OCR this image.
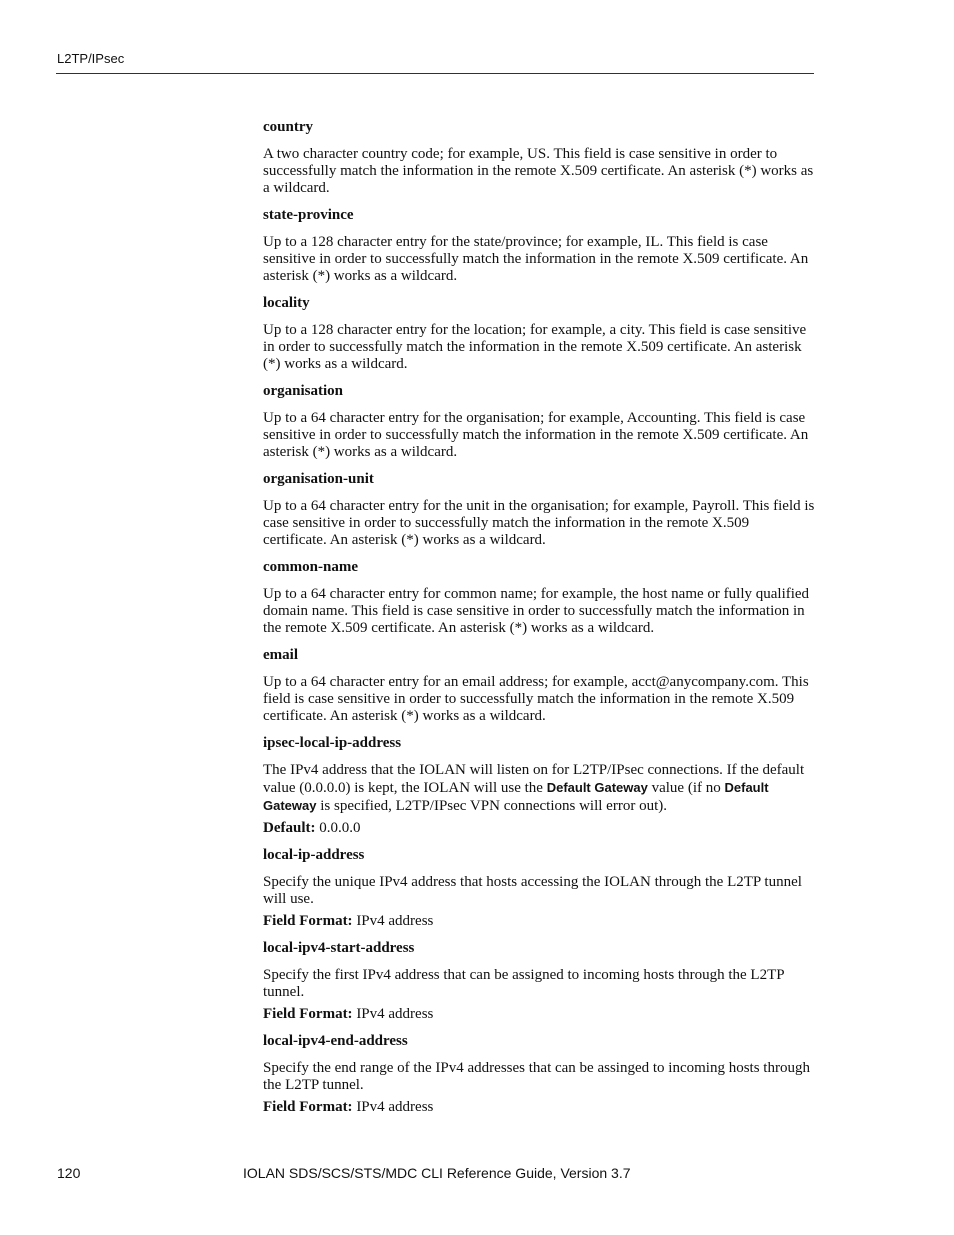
L2TP/IPsec
country
A two character country code; for example, US. This field is case sensitive in order to successfully match the information in the remote X.509 certificate. An asterisk (*) works as a wildcard.
state-province
Up to a 128 character entry for the state/province; for example, IL. This field is case sensitive in order to successfully match the information in the remote X.509 certificate. An asterisk (*) works as a wildcard.
locality
Up to a 128 character entry for the location; for example, a city. This field is case sensitive in order to successfully match the information in the remote X.509 certificate. An asterisk (*) works as a wildcard.
organisation
Up to a 64 character entry for the organisation; for example, Accounting. This field is case sensitive in order to successfully match the information in the remote X.509 certificate. An asterisk (*) works as a wildcard.
organisation-unit
Up to a 64 character entry for the unit in the organisation; for example, Payroll. This field is case sensitive in order to successfully match the information in the remote X.509 certificate. An asterisk (*) works as a wildcard.
common-name
Up to a 64 character entry for common name; for example, the host name or fully qualified domain name. This field is case sensitive in order to successfully match the information in the remote X.509 certificate. An asterisk (*) works as a wildcard.
email
Up to a 64 character entry for an email address; for example, acct@anycompany.com. This field is case sensitive in order to successfully match the information in the remote X.509 certificate. An asterisk (*) works as a wildcard.
ipsec-local-ip-address
The IPv4 address that the IOLAN will listen on for L2TP/IPsec connections. If the default value (0.0.0.0) is kept, the IOLAN will use the Default Gateway value (if no Default Gateway is specified, L2TP/IPsec VPN connections will error out).
Default: 0.0.0.0
local-ip-address
Specify the unique IPv4 address that hosts accessing the IOLAN through the L2TP tunnel will use.
Field Format: IPv4 address
local-ipv4-start-address
Specify the first IPv4 address that can be assigned to incoming hosts through the L2TP tunnel.
Field Format: IPv4 address
local-ipv4-end-address
Specify the end range of the IPv4 addresses that can be assinged to incoming hosts through the L2TP tunnel.
Field Format: IPv4 address
120	IOLAN SDS/SCS/STS/MDC CLI Reference Guide, Version 3.7
